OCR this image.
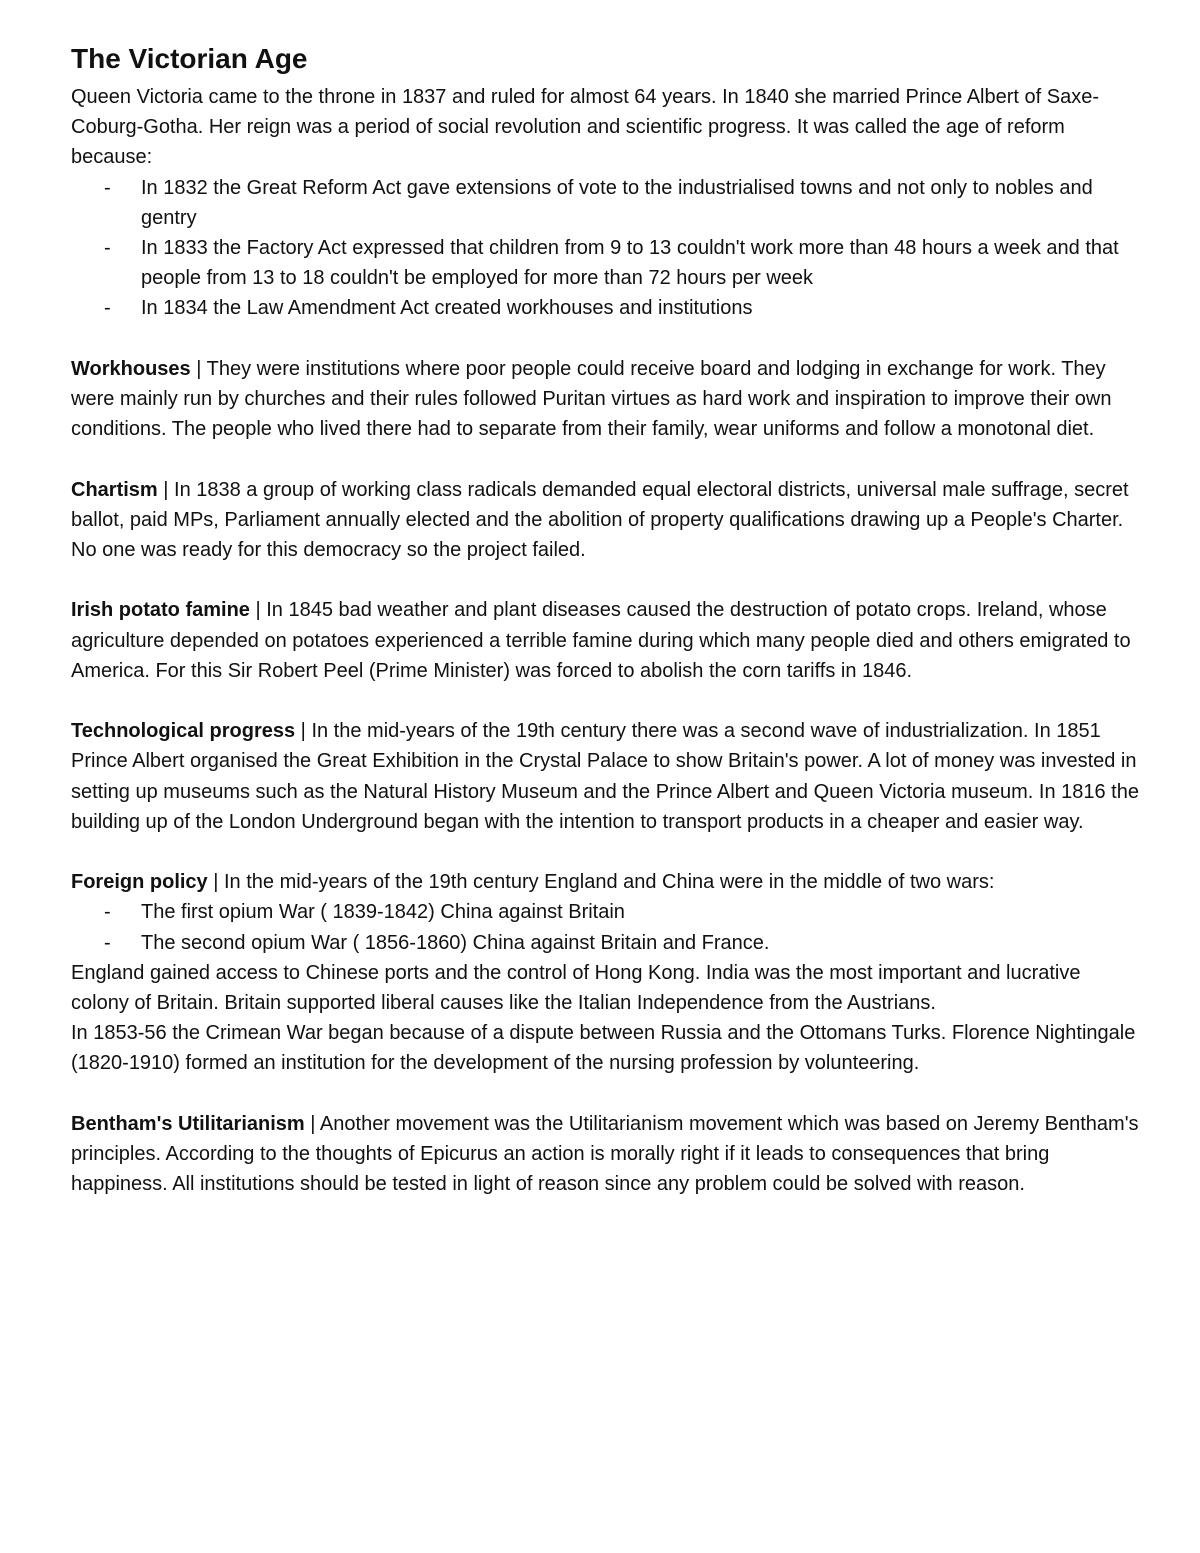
The Victorian Age

Queen Victoria came to the throne in 1837 and ruled for almost 64 years. In 1840 she married Prince Albert of Saxe-Coburg-Gotha. Her reign was a period of social revolution and scientific progress. It was called the age of reform because:

- In 1832 the Great Reform Act gave extensions of vote to the industrialised towns and not only to nobles and gentry
- In 1833 the Factory Act expressed that children from 9 to 13 couldn't work more than 48 hours a week and that people from 13 to 18 couldn't be employed for more than 72 hours per week
- In 1834 the Law Amendment Act created workhouses and institutions

Workhouses | They were institutions where poor people could receive board and lodging in exchange for work. They were mainly run by churches and their rules followed Puritan virtues as hard work and inspiration to improve their own conditions. The people who lived there had to separate from their family, wear uniforms and follow a monotonal diet.

Chartism | In 1838 a group of working class radicals demanded equal electoral districts, universal male suffrage, secret ballot, paid MPs, Parliament annually elected and the abolition of property qualifications drawing up a People's Charter. No one was ready for this democracy so the project failed.

Irish potato famine | In 1845 bad weather and plant diseases caused the destruction of potato crops. Ireland, whose agriculture depended on potatoes experienced a terrible famine during which many people died and others emigrated to America. For this Sir Robert Peel (Prime Minister) was forced to abolish the corn tariffs in 1846.

Technological progress | In the mid-years of the 19th century there was a second wave of industrialization. In 1851 Prince Albert organised the Great Exhibition in the Crystal Palace to show Britain's power. A lot of money was invested in setting up museums such as the Natural History Museum and the Prince Albert and Queen Victoria museum. In 1816 the building up of the London Underground began with the intention to transport products in a cheaper and easier way.

Foreign policy | In the mid-years of the 19th century England and China were in the middle of two wars:

- The first opium War ( 1839-1842) China against Britain
- The second opium War ( 1856-1860) China against Britain and France.

England gained access to Chinese ports and the control of Hong Kong. India was the most important and lucrative colony of Britain. Britain supported liberal causes like the Italian Independence from the Austrians.

In 1853-56 the Crimean War began because of a dispute between Russia and the Ottomans Turks. Florence Nightingale (1820-1910) formed an institution for the development of the nursing profession by volunteering.

Bentham's Utilitarianism | Another movement was the Utilitarianism movement which was based on Jeremy Bentham's principles. According to the thoughts of Epicurus an action is morally right if it leads to consequences that bring happiness. All institutions should be tested in light of reason since any problem could be solved with reason.
